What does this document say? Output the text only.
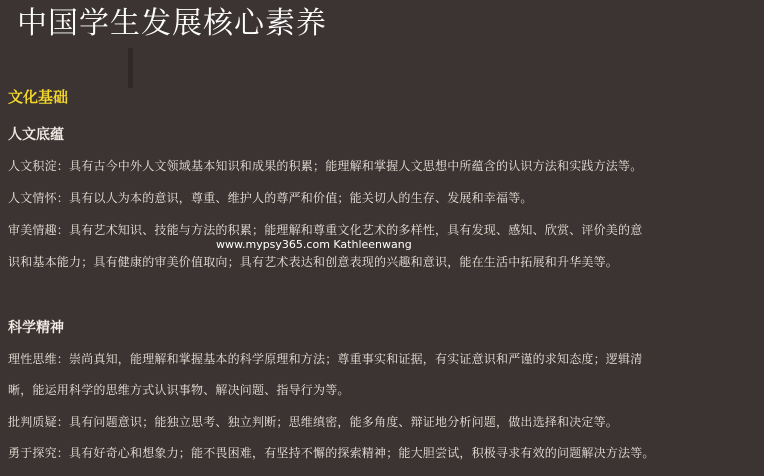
中国学生发展核心素养
文化基础
人文底蕴
人文积淀：具有古今中外人文领域基本知识和成果的积累；能理解和掌握人文思想中所蕴含的认识方法和实践方法等。
人文情怀：具有以人为本的意识，尊重、维护人的尊严和价值；能关切人的生存、发展和幸福等。
审美情趣：具有艺术知识、技能与方法的积累；能理解和尊重文化艺术的多样性，具有发现、感知、欣赏、评价美的意
识和基本能力；具有健康的审美价值取向；具有艺术表达和创意表现的兴趣和意识，能在生活中拓展和升华美等。
www.mypsy365.com Kathleenwang
科学精神
理性思维：崇尚真知，能理解和掌握基本的科学原理和方法；尊重事实和证据，有实证意识和严谨的求知态度；逻辑清
晰，能运用科学的思维方式认识事物、解决问题、指导行为等。
批判质疑：具有问题意识；能独立思考、独立判断；思维缜密，能多角度、辩证地分析问题，做出选择和决定等。
勇于探究：具有好奇心和想象力；能不畏困难，有坚持不懈的探索精神；能大胆尝试，积极寻求有效的问题解决方法等。
